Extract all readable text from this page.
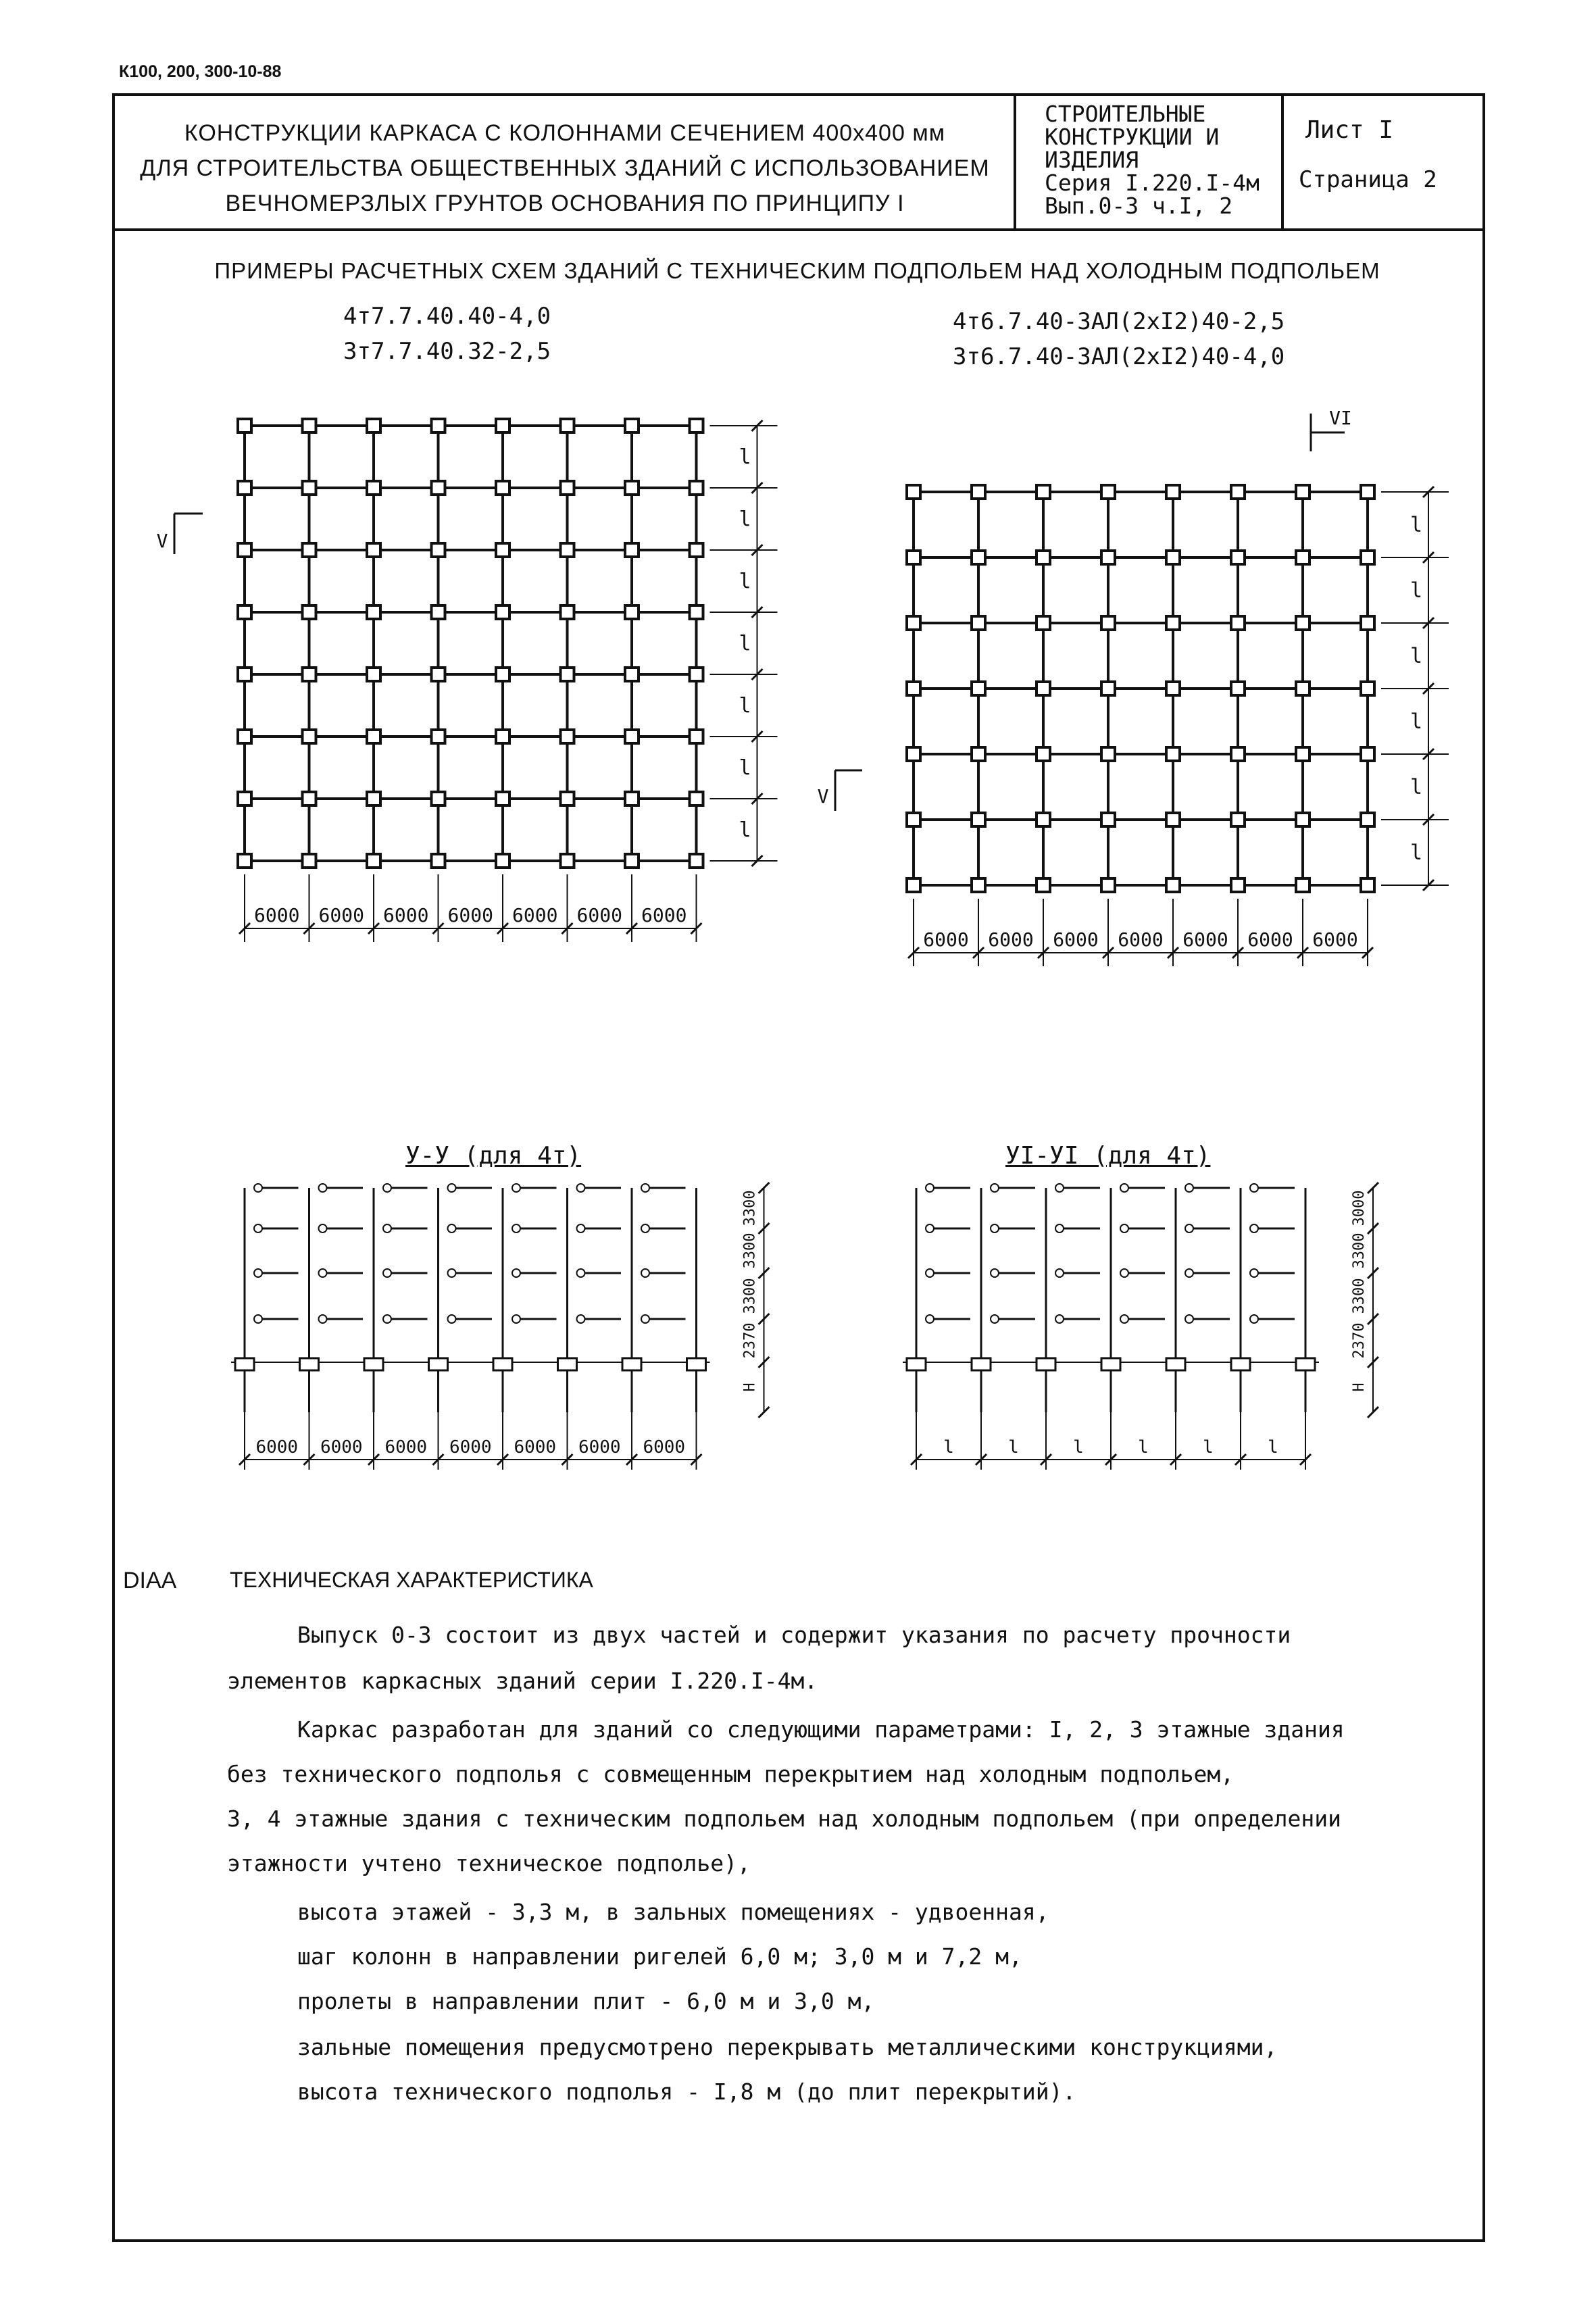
К100, 200, 300-10-88
КОНСТРУКЦИИ КАРКАСА С КОЛОННАМИ СЕЧЕНИЕМ 400х400 мм
ДЛЯ СТРОИТЕЛЬСТВА ОБЩЕСТВЕННЫХ ЗДАНИЙ С ИСПОЛЬЗОВАНИЕМ
ВЕЧНОМЕРЗЛЫХ ГРУНТОВ ОСНОВАНИЯ ПО ПРИНЦИПУ I
СТРОИТЕЛЬНЫЕ
КОНСТРУКЦИИ И
ИЗДЕЛИЯ
Серия I.220.I-4м
Вып.0-3 ч.I, 2
Лист I
Страница 2
ПРИМЕРЫ РАСЧЕТНЫХ СХЕМ ЗДАНИЙ С ТЕХНИЧЕСКИМ ПОДПОЛЬЕМ НАД ХОЛОДНЫМ ПОДПОЛЬЕМ
4т7.7.40.40-4,0
3т7.7.40.32-2,5
4т6.7.40-3АЛ(2хI2)40-2,5
3т6.7.40-3АЛ(2хI2)40-4,0
l
l
l
l
l
l
l
6000 6000 6000 6000 6000 6000 6000
l
l
l
l
l
l
6000 6000 6000 6000 6000 6000 6000
V
V
VI
6000 6000 6000 6000 6000 6000 6000
H
2370
3300
3300
3300
l	l	l	l	l	l
H
2370
3300
3300
3000
У-У (для 4т)	УI-УI (для 4т)
DIAA ТЕХНИЧЕСКАЯ ХАРАКТЕРИСТИКА
Выпуск 0-3 состоит из двух частей и содержит указания по расчету прочности
элементов каркасных зданий серии I.220.I-4м.
Каркас разработан для зданий со следующими параметрами: I, 2, 3 этажные здания
без технического подполья с совмещенным перекрытием над холодным подпольем,
3, 4 этажные здания с техническим подпольем над холодным подпольем (при определении
этажности учтено техническое подполье),
высота этажей - 3,3 м, в зальных помещениях - удвоенная,
шаг колонн в направлении ригелей 6,0 м; 3,0 м и 7,2 м,
пролеты в направлении плит - 6,0 м и 3,0 м,
зальные помещения предусмотрено перекрывать металлическими конструкциями,
высота технического подполья - I,8 м (до плит перекрытий).
